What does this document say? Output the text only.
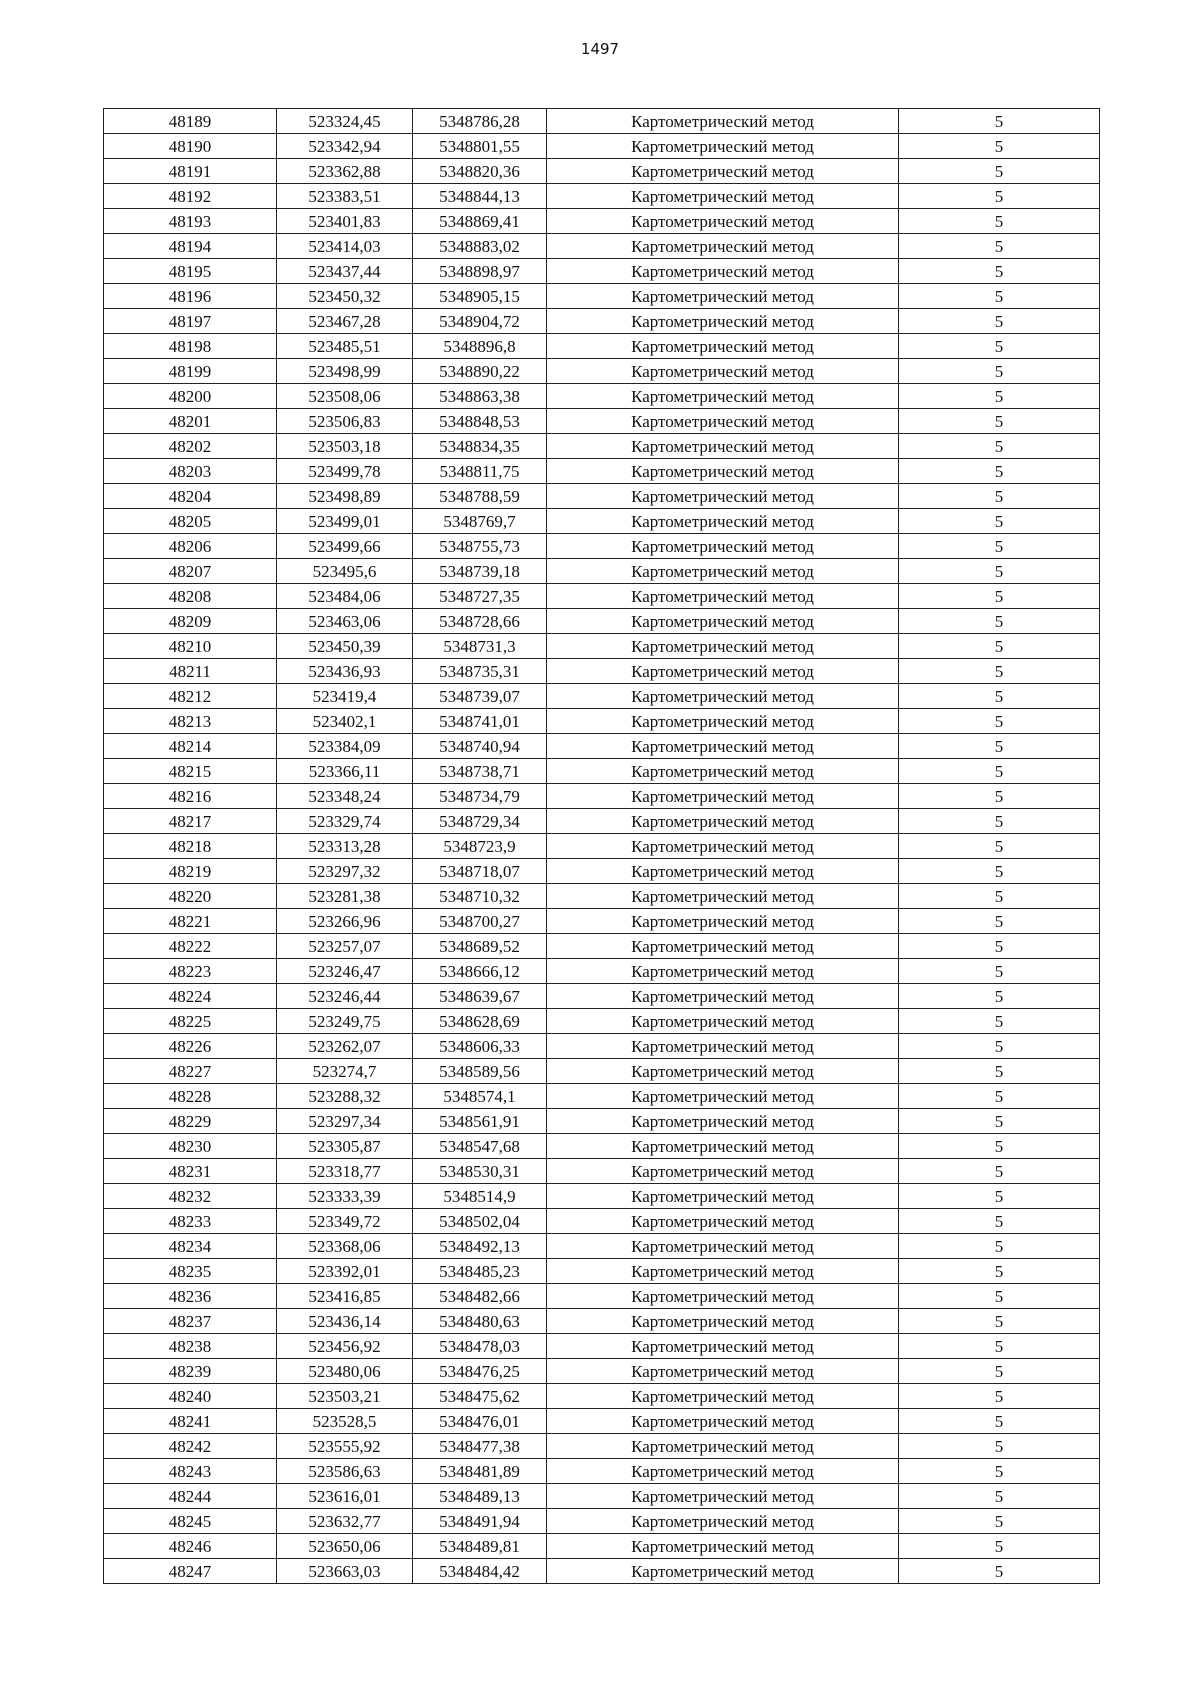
1497
48189	523324,45	5348786,28	Картометрический метод	5
48190	523342,94	5348801,55	Картометрический метод	5
48191	523362,88	5348820,36	Картометрический метод	5
48192	523383,51	5348844,13	Картометрический метод	5
48193	523401,83	5348869,41	Картометрический метод	5
48194	523414,03	5348883,02	Картометрический метод	5
48195	523437,44	5348898,97	Картометрический метод	5
48196	523450,32	5348905,15	Картометрический метод	5
48197	523467,28	5348904,72	Картометрический метод	5
48198	523485,51	5348896,8	Картометрический метод	5
48199	523498,99	5348890,22	Картометрический метод	5
48200	523508,06	5348863,38	Картометрический метод	5
48201	523506,83	5348848,53	Картометрический метод	5
48202	523503,18	5348834,35	Картометрический метод	5
48203	523499,78	5348811,75	Картометрический метод	5
48204	523498,89	5348788,59	Картометрический метод	5
48205	523499,01	5348769,7	Картометрический метод	5
48206	523499,66	5348755,73	Картометрический метод	5
48207	523495,6	5348739,18	Картометрический метод	5
48208	523484,06	5348727,35	Картометрический метод	5
48209	523463,06	5348728,66	Картометрический метод	5
48210	523450,39	5348731,3	Картометрический метод	5
48211	523436,93	5348735,31	Картометрический метод	5
48212	523419,4	5348739,07	Картометрический метод	5
48213	523402,1	5348741,01	Картометрический метод	5
48214	523384,09	5348740,94	Картометрический метод	5
48215	523366,11	5348738,71	Картометрический метод	5
48216	523348,24	5348734,79	Картометрический метод	5
48217	523329,74	5348729,34	Картометрический метод	5
48218	523313,28	5348723,9	Картометрический метод	5
48219	523297,32	5348718,07	Картометрический метод	5
48220	523281,38	5348710,32	Картометрический метод	5
48221	523266,96	5348700,27	Картометрический метод	5
48222	523257,07	5348689,52	Картометрический метод	5
48223	523246,47	5348666,12	Картометрический метод	5
48224	523246,44	5348639,67	Картометрический метод	5
48225	523249,75	5348628,69	Картометрический метод	5
48226	523262,07	5348606,33	Картометрический метод	5
48227	523274,7	5348589,56	Картометрический метод	5
48228	523288,32	5348574,1	Картометрический метод	5
48229	523297,34	5348561,91	Картометрический метод	5
48230	523305,87	5348547,68	Картометрический метод	5
48231	523318,77	5348530,31	Картометрический метод	5
48232	523333,39	5348514,9	Картометрический метод	5
48233	523349,72	5348502,04	Картометрический метод	5
48234	523368,06	5348492,13	Картометрический метод	5
48235	523392,01	5348485,23	Картометрический метод	5
48236	523416,85	5348482,66	Картометрический метод	5
48237	523436,14	5348480,63	Картометрический метод	5
48238	523456,92	5348478,03	Картометрический метод	5
48239	523480,06	5348476,25	Картометрический метод	5
48240	523503,21	5348475,62	Картометрический метод	5
48241	523528,5	5348476,01	Картометрический метод	5
48242	523555,92	5348477,38	Картометрический метод	5
48243	523586,63	5348481,89	Картометрический метод	5
48244	523616,01	5348489,13	Картометрический метод	5
48245	523632,77	5348491,94	Картометрический метод	5
48246	523650,06	5348489,81	Картометрический метод	5
48247	523663,03	5348484,42	Картометрический метод	5
